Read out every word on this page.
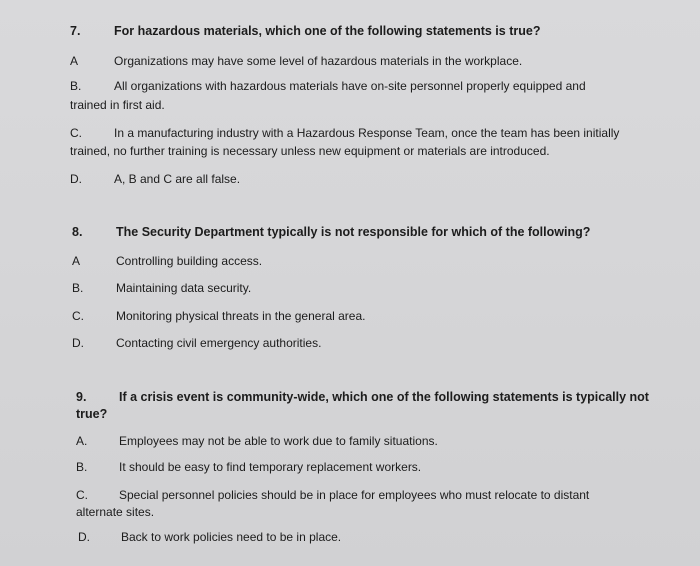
7.	For hazardous materials, which one of the following statements is true?
A	Organizations may have some level of hazardous materials in the workplace.
B.	All organizations with hazardous materials have on-site personnel properly equipped and
trained in first aid.
C.	In a manufacturing industry with a Hazardous Response Team, once the team has been initially
trained, no further training is necessary unless new equipment or materials are introduced.
D.	A, B and C are all false.
8.	The Security Department typically is not responsible for which of the following?
A	Controlling building access.
B.	Maintaining data security.
C.	Monitoring physical threats in the general area.
D.	Contacting civil emergency authorities.
9.	If a crisis event is community-wide, which one of the following statements is typically not
true?
A.	Employees may not be able to work due to family situations.
B.	It should be easy to find temporary replacement workers.
C.	Special personnel policies should be in place for employees who must relocate to distant
alternate sites.
D.	Back to work policies need to be in place.
